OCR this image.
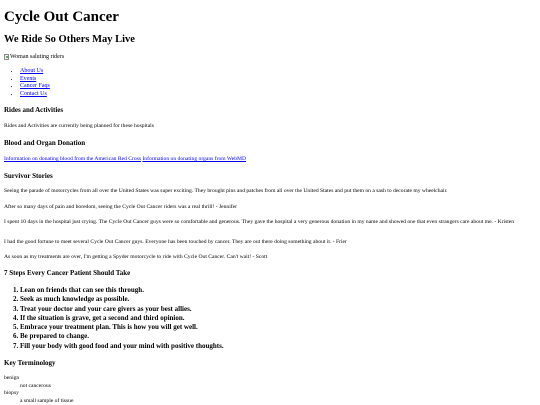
Cycle Out Cancer
We Ride So Others May Live
Woman saluting riders
• About Us
• Events
• Cancer Faqs
• Contact Us
Rides and Activities

Rides and Activities are currently being planned for these hospitals

Blood and Organ Donation

Information on donating blood from the American Red Cross Information on donating organs from WebMD

Survivor Stories

Seeing the parade of motorcycles from all over the United States was super exciting. They brought pins and patches from all over the United States and put them on a sash to decorate my wheelchair.

After so many days of pain and boredom, seeing the Cycle Out Cancer riders was a real thrill! - Jennifer

I spent 10 days in the hospital just crying. The Cycle Out Cancer guys were so comfortable and generous. They gave the hospital a very generous donation in my name and showed one that even strangers care about me. - Kristen

I had the good fortune to meet several Cycle Out Cancer guys. Everyone has been touched by cancer. They are out there doing something about it. - Frier

As soon as my treatments are over, I'm getting a Spyder motorcycle to ride with Cycle Out Cancer. Can't wait! - Scott

7 Steps Every Cancer Patient Should Take
1. Lean on friends that can see this through.
2. Seek as much knowledge as possible.
3. Treat your doctor and your care givers as your best allies.
4. If the situation is grave, get a second and third opinion.
5. Embrace your treatment plan. This is how you will get well.
6. Be prepared to change.
7. Fill your body with good food and your mind with positive thoughts.
Key Terminology
benign
not cancerous
biopsy
a small sample of tissue
